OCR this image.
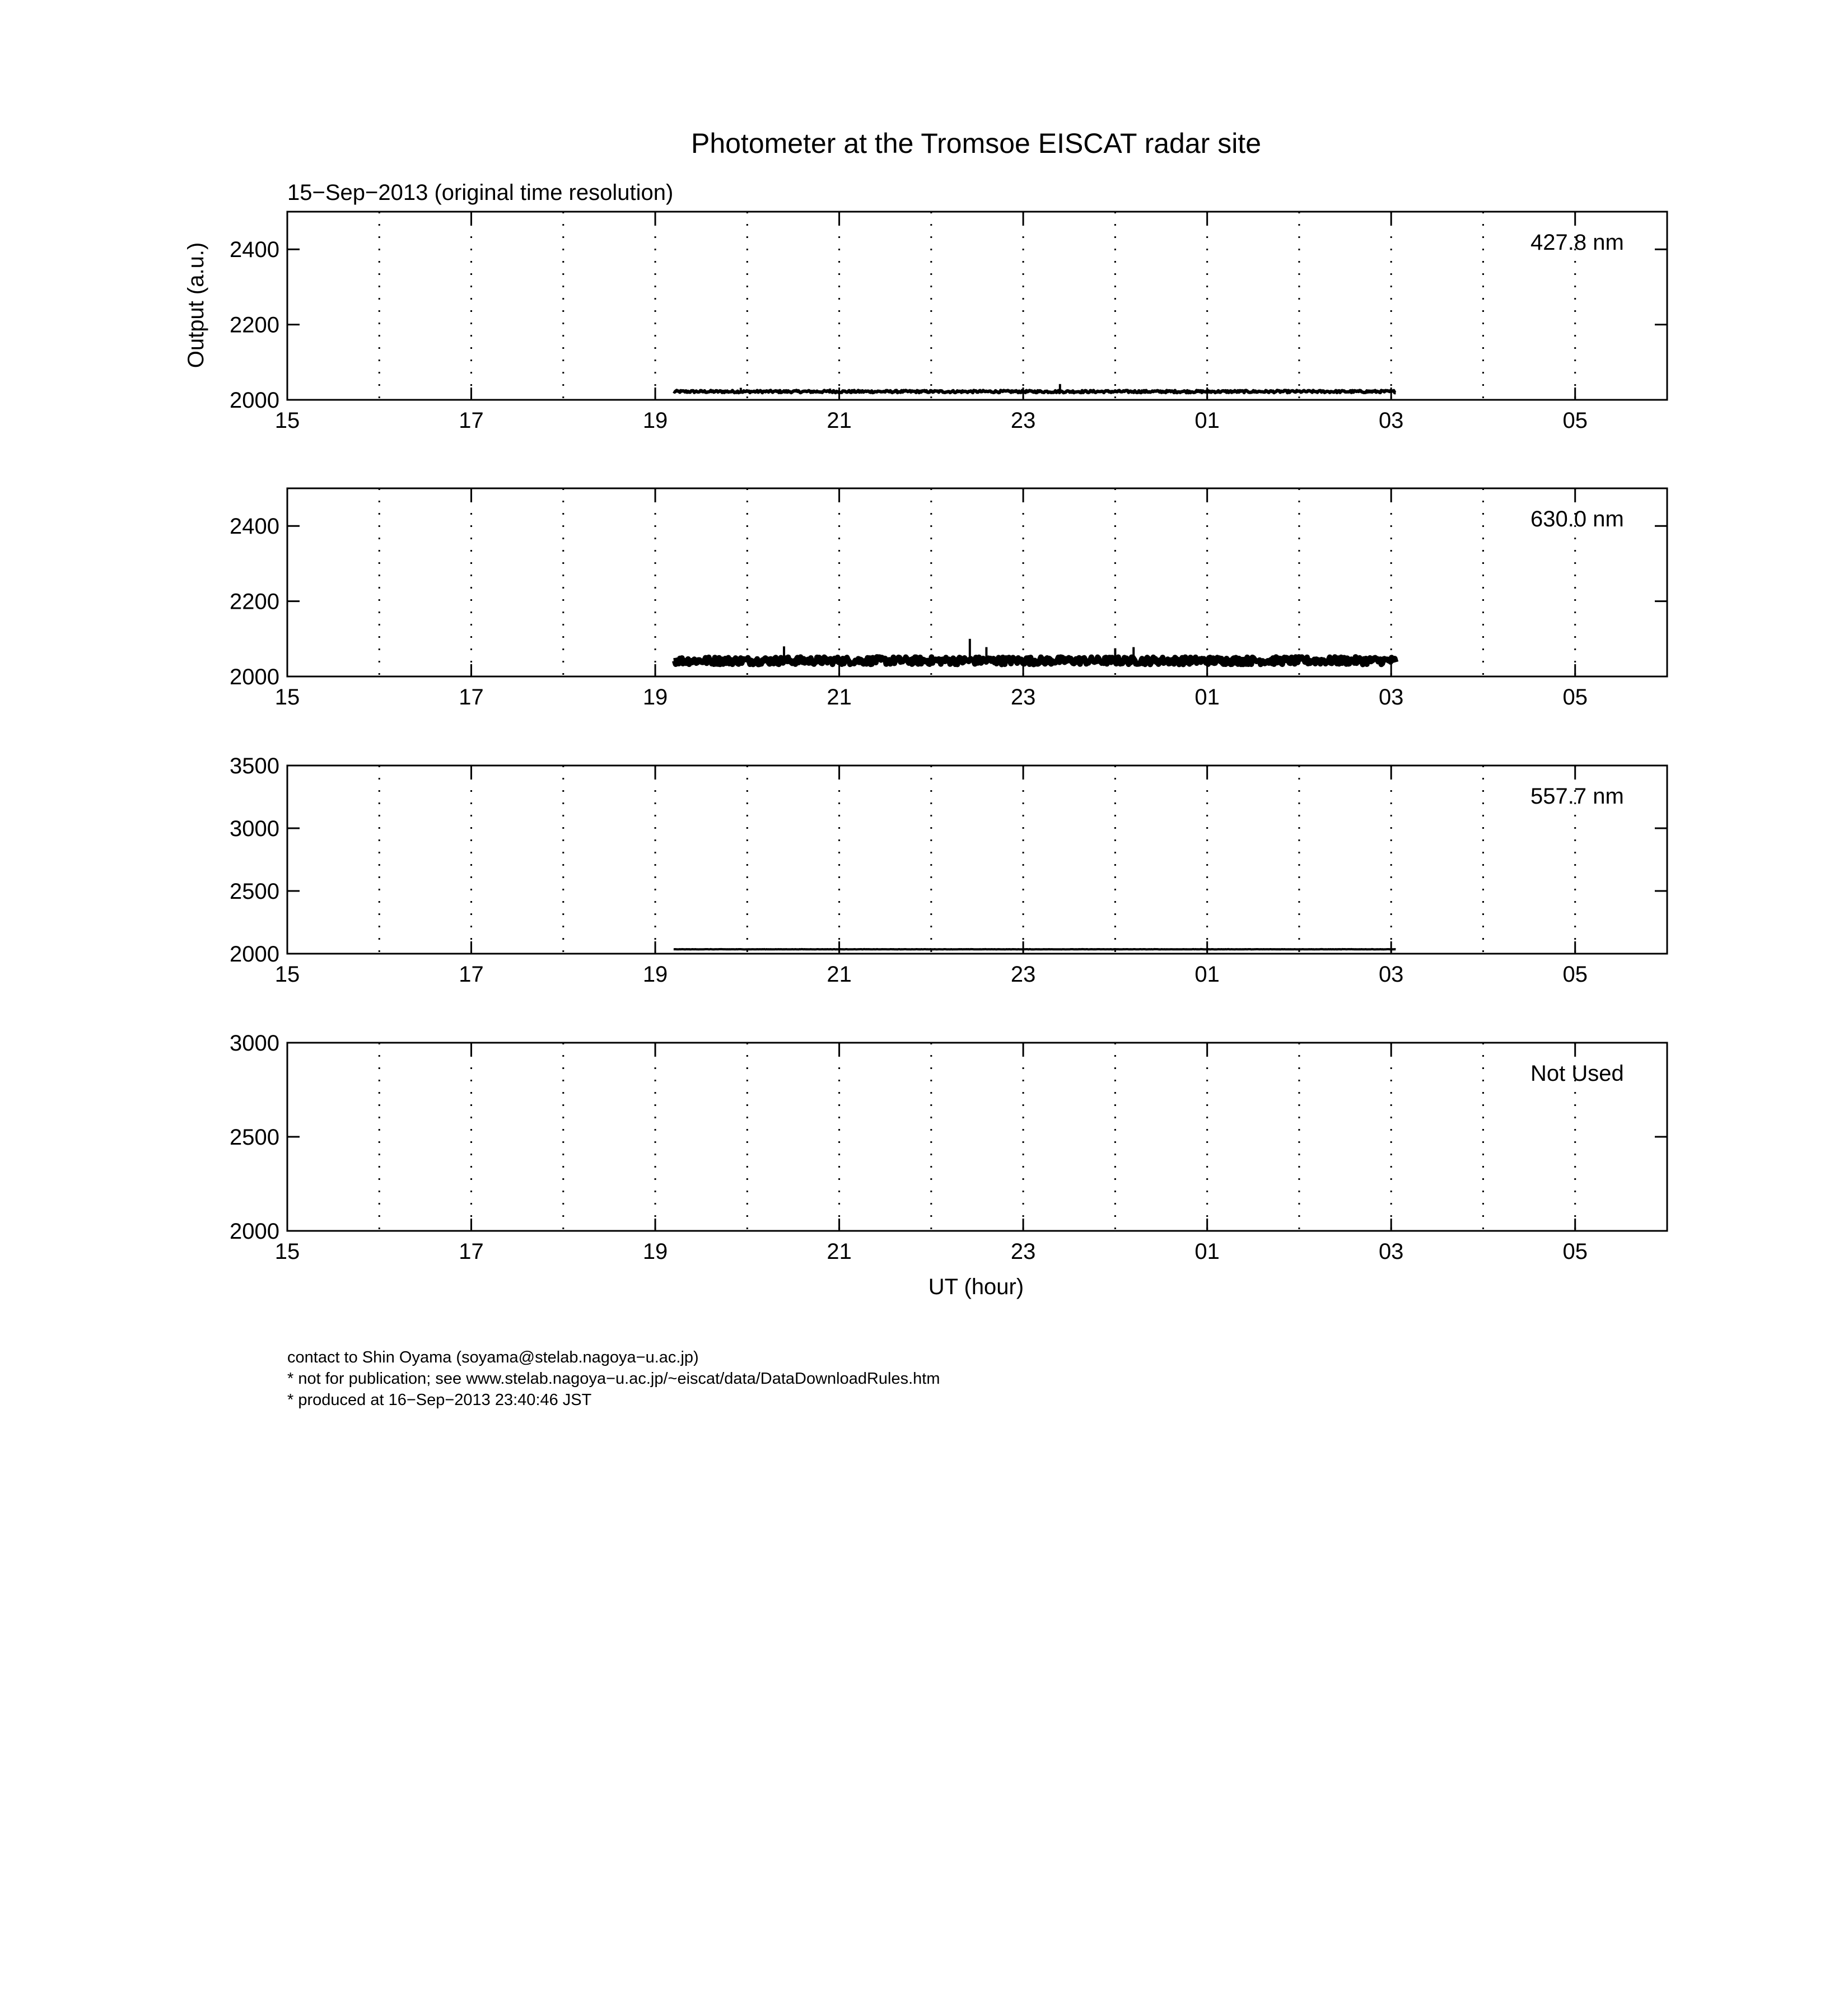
Photometer at the Tromsoe EISCAT radar site
15−Sep−2013 (original time resolution)
Output (a.u.)
UT (hour)
15	17	19	21	23	01	03	05
2000
2200
2400	427.8 nm
15	17	19	21	23	01	03	05
2000
2200
2400	630.0 nm
15	17	19	21	23	01	03	05
2000
2500
3000
3500
557.7 nm
15	17	19	21	23	01	03	05
2000
2500
3000
Not Used
contact to Shin Oyama (soyama@stelab.nagoya−u.ac.jp)
* not for publication; see www.stelab.nagoya−u.ac.jp/~eiscat/data/DataDownloadRules.htm
* produced at 16−Sep−2013 23:40:46 JST
